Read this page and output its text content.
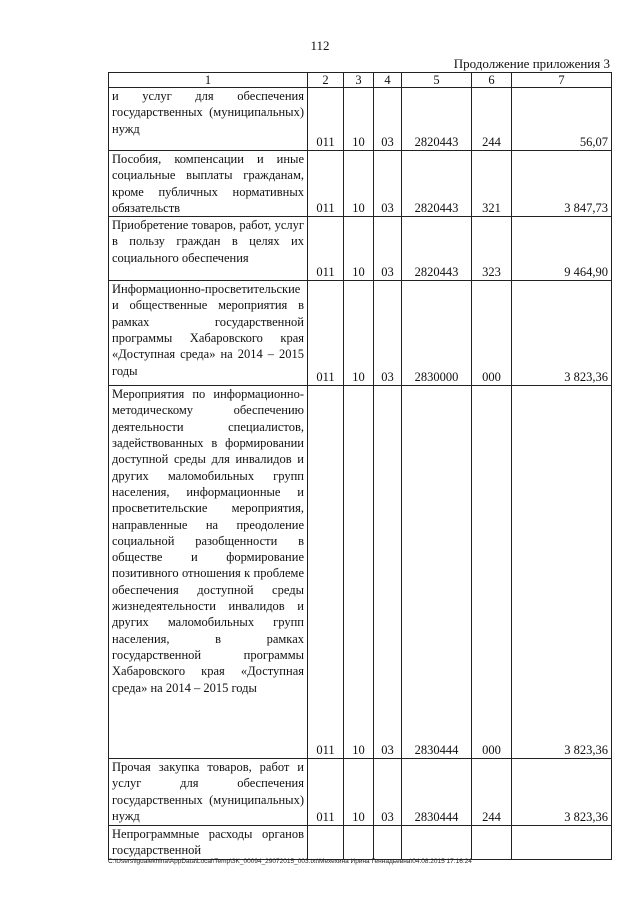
112
Продолжение приложения 3
1	2	3	4	5	6	7
и услуг для обеспечения государственных (муниципальных) нужд	011	10	03	2820443	244	56,07
Пособия, компенсации и иные социальные выплаты гражданам, кроме публичных нормативных обязательств	011	10	03	2820443	321	3 847,73
Приобретение товаров, работ, услуг в пользу граждан в целях их социального обеспечения	011	10	03	2820443	323	9 464,90
Информационно-просветительские и общественные мероприятия в рамках государственной программы Хабаровского края «Доступная среда» на 2014 – 2015 годы	011	10	03	2830000	000	3 823,36
Мероприятия по информационно-методическому обеспечению деятельности специалистов, задействованных в формировании доступной среды для инвалидов и других маломобильных групп населения, информационные и просветительские мероприятия, направленные на преодоление социальной разобщенности в обществе и формирование позитивного отношения к проблеме обеспечения доступной среды жизнедеятельности инвалидов и других маломобильных групп населения, в рамках государственной программы Хабаровского края «Доступная среда» на 2014 – 2015 годы	011	10	03	2830444	000	3 823,36
Прочая закупка товаров, работ и услуг для обеспечения государственных (муниципальных) нужд	011	10	03	2830444	244	3 823,36
Непрограммные расходы органов государственной						
C:\Users\igualekhina\AppData\Local\Temp\3K_00094_29072015_003.txt\Мехехина Ирина Геннадьевна\04.08.2015 17:16:24
